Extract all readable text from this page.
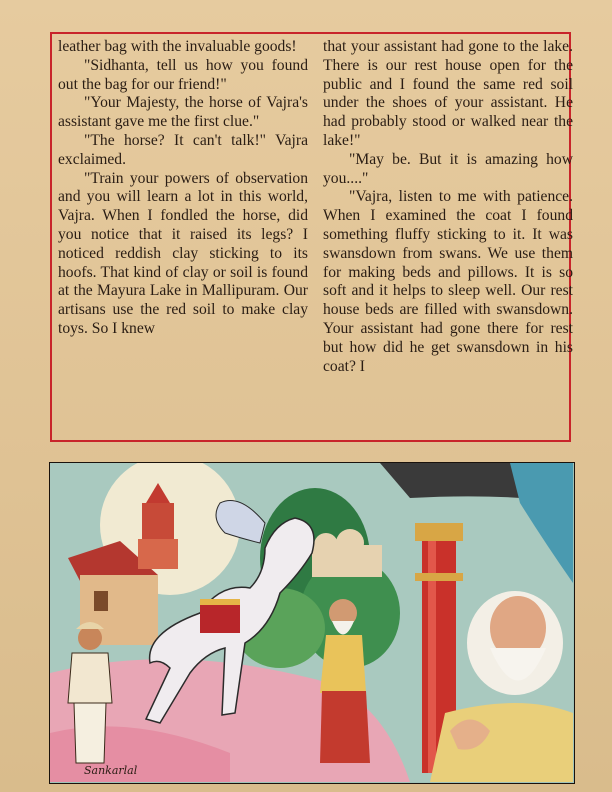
leather bag with the invaluable goods!

"Sidhanta, tell us how you found out the bag for our friend!"

"Your Majesty, the horse of Vajra's assistant gave me the first clue."

"The horse? It can't talk!" Vajra exclaimed.

"Train your powers of observation and you will learn a lot in this world, Vajra. When I fondled the horse, did you notice that it raised its legs? I noticed reddish clay sticking to its hoofs. That kind of clay or soil is found at the Mayura Lake in Mallipuram. Our artisans use the red soil to make clay toys. So I knew

that your assistant had gone to the lake. There is our rest house open for the public and I found the same red soil under the shoes of your assistant. He had probably stood or walked near the lake!"

"May be. But it is amazing how you...."

"Vajra, listen to me with patience. When I examined the coat I found something fluffy sticking to it. It was swansdown from swans. We use them for making beds and pillows. It is so soft and it helps to sleep well. Our rest house beds are filled with swansdown. Your assistant had gone there for rest but how did he get swansdown in his coat? I

Sankarlal
